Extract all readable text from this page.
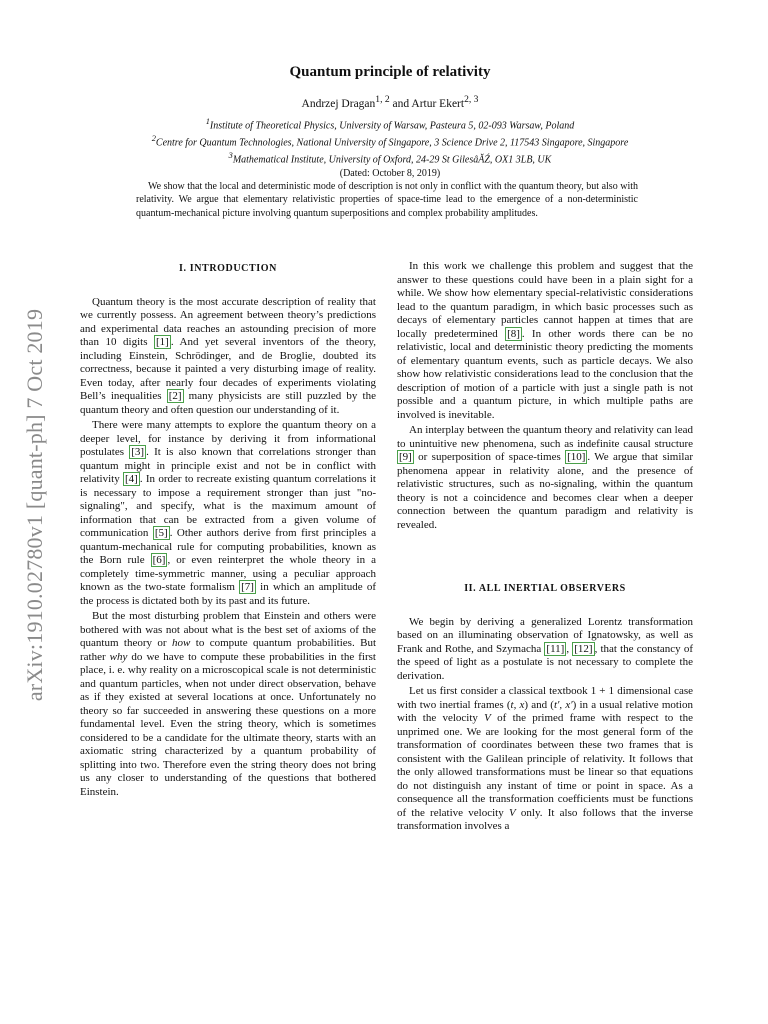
arXiv:1910.02780v1 [quant-ph] 7 Oct 2019
Quantum principle of relativity
Andrzej Dragan$^{1, 2}$ and Artur Ekert$^{2, 3}$
$^1$Institute of Theoretical Physics, University of Warsaw, Pasteura 5, 02-093 Warsaw, Poland
$^2$Centre for Quantum Technologies, National University of Singapore, 3 Science Drive 2, 117543 Singapore, Singapore
$^3$Mathematical Institute, University of Oxford, 24-29 St GilesâĂŹ, OX1 3LB, UK
(Dated: October 8, 2019)
We show that the local and deterministic mode of description is not only in conflict with the quantum theory, but also with relativity. We argue that elementary relativistic properties of space-time lead to the emergence of a non-deterministic quantum-mechanical picture involving quantum superpositions and complex probability amplitudes.
I. INTRODUCTION

Quantum theory is the most accurate description of reality that we currently possess. An agreement between theory’s predictions and experimental data reaches an astounding precision of more than 10 digits [1] . And yet several inventors of the theory, including Einstein, Schrödinger, and de Broglie, doubted its correctness, because it painted a very disturbing image of reality. Even today, after nearly four decades of experiments violating Bell’s inequalities [2] many physicists are still puzzled by the quantum theory and often question our understanding of it.

There were many attempts to explore the quantum theory on a deeper level, for instance by deriving it from informational postulates [3] . It is also known that correlations stronger than quantum might in principle exist and not be in conflict with relativity [4] . In order to recreate existing quantum correlations it is necessary to impose a requirement stronger than just "no-signaling", and specify, what is the maximum amount of information that can be extracted from a given volume of communication [5] . Other authors derive from first principles a quantum-mechanical rule for computing probabilities, known as the Born rule [6] , or even reinterpret the whole theory in a completely time-symmetric manner, using a peculiar approach known as the two-state formalism [7] in which an amplitude of the process is dictated both by its past and its future.

But the most disturbing problem that Einstein and others were bothered with was not about what is the best set of axioms of the quantum theory or how to compute quantum probabilities. But rather why do we have to compute these probabilities in the first place, i. e. why reality on a microscopical scale is not deterministic and quantum particles, when not under direct observation, behave as if they existed at several locations at once. Unfortunately no theory so far succeeded in answering these questions on a more fundamental level. Even the string theory, which is sometimes considered to be a candidate for the ultimate theory, starts with an axiomatic string characterized by a quantum probability of splitting into two. Therefore even the string theory does not bring us any closer to understanding of the questions that bothered Einstein.

In this work we challenge this problem and suggest that the answer to these questions could have been in a plain sight for a while. We show how elementary special-relativistic considerations lead to the quantum paradigm, in which basic processes such as decays of elementary particles cannot happen at times that are locally predetermined [8] . In other words there can be no relativistic, local and deterministic theory predicting the moments of elementary quantum events, such as particle decays. We also show how relativistic considerations lead to the conclusion that the description of motion of a particle with just a single path is not possible and a quantum picture, in which multiple paths are involved is inevitable.

An interplay between the quantum theory and relativity can lead to unintuitive new phenomena, such as indefinite causal structure [9] or superposition of space-times [10] . We argue that similar phenomena appear in relativity alone, and the presence of relativistic structures, such as no-signaling, within the quantum theory is not a coincidence and becomes clear when a deeper connection between the quantum paradigm and relativity is revealed.

II. ALL INERTIAL OBSERVERS

We begin by deriving a generalized Lorentz transformation based on an illuminating observation of Ignatowsky, as well as Frank and Rothe, and Szymacha [11] , [12] , that the constancy of the speed of light as a postulate is not necessary to complete the derivation.

Let us first consider a classical textbook 1 + 1 dimensional case with two inertial frames (t, x) and (t′, x′) in a usual relative motion with the velocity V of the primed frame with respect to the unprimed one. We are looking for the most general form of the transformation of coordinates between these two frames that is consistent with the Galilean principle of relativity. It follows that the only allowed transformations must be linear so that equations do not distinguish any instant of time or point in space. As a consequence all the transformation coefficients must be functions of the relative velocity V only. It also follows that the inverse transformation involves a
